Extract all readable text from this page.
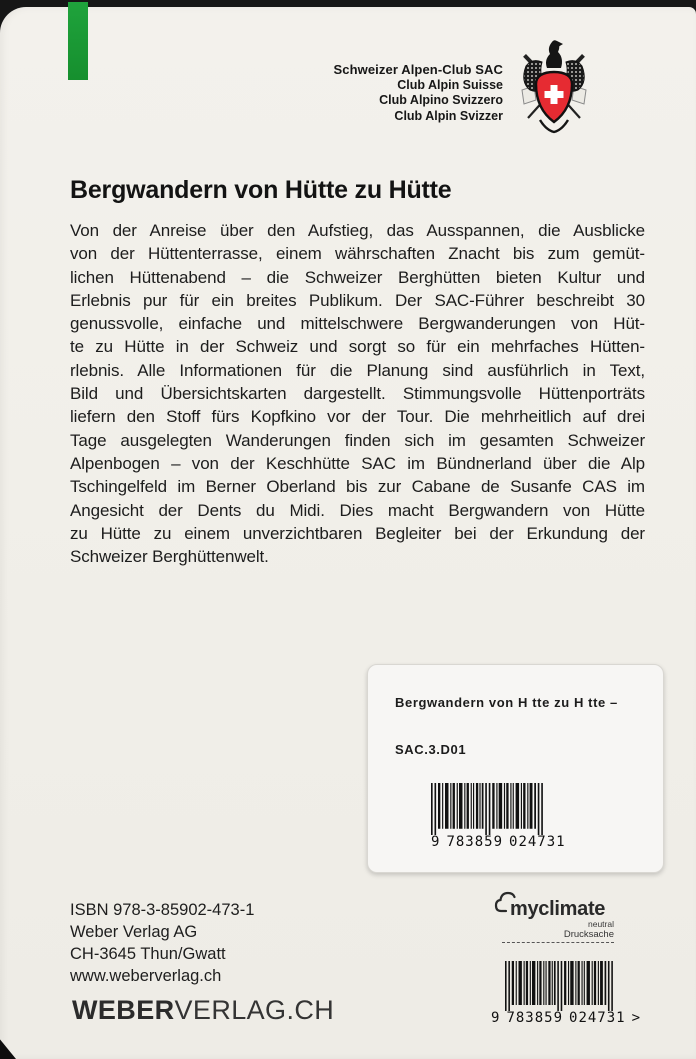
Schweizer Alpen-Club SAC
Club Alpin Suisse
Club Alpino Svizzero
Club Alpin Svizzer
Bergwandern von Hütte zu Hütte
Von der Anreise über den Aufstieg, das Ausspannen, die Ausblicke
von der Hüttenterrasse, einem währschaften Znacht bis zum gemüt-
lichen Hüttenabend – die Schweizer Berghütten bieten Kultur und
Erlebnis pur für ein breites Publikum. Der SAC-Führer beschreibt 30
genussvolle, einfache und mittelschwere Bergwanderungen von Hüt-
te zu Hütte in der Schweiz und sorgt so für ein mehrfaches Hütten-
rlebnis. Alle Informationen für die Planung sind ausführlich in Text,
Bild und Übersichtskarten dargestellt. Stimmungsvolle Hüttenporträts
liefern den Stoff fürs Kopfkino vor der Tour. Die mehrheitlich auf drei
Tage ausgelegten Wanderungen finden sich im gesamten Schweizer
Alpenbogen – von der Keschhütte SAC im Bündnerland über die Alp
Tschingelfeld im Berner Oberland bis zur Cabane de Susanfe CAS im
Angesicht der Dents du Midi. Dies macht Bergwandern von Hütte
zu Hütte zu einem unverzichtbaren Begleiter bei der Erkundung der
Schweizer Berghüttenwelt.
Bergwandern von H tte zu H tte –
SAC.3.D01
9 783859 024731
ISBN 978-3-85902-473-1
Weber Verlag AG
CH-3645 Thun/Gwatt
www.weberverlag.ch
myclimate
neutral
Drucksache
WEBERVERLAG.CH	9 783859 024731 >
